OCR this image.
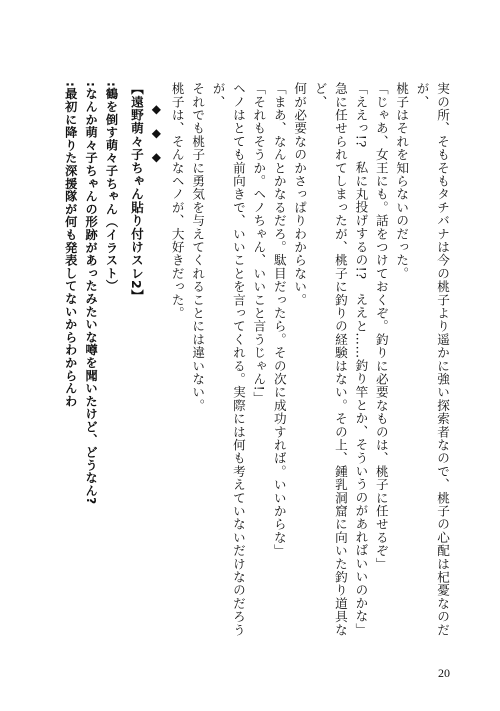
実の所、そもそもタチバナは今の桃子より遥かに強い探索者なので、桃子の心配は杞憂なのだが、

桃子はそれを知らないのだった。

「じゃあ、女王にも。話をつけておくぞ。釣りに必要なものは、桃子に任せるぞ」

「ええっ!?　私に丸投げするの!?　ええと……釣り竿とか、そういうのがあればいいのかな」

急に任せられてしまったが、桃子に釣りの経験はない。その上、鍾乳洞窟に向いた釣り道具など、

何が必要なのかさっぱりわからない。

「まあ、なんとかなるだろ。駄目だったら。その次に成功すれば。いいからな」

「それもそうか。ヘノちゃん、いいこと言うじゃん!」

ヘノはとても前向きで、いいことを言ってくれる。実際には何も考えていないだけなのだろうが、

それでも桃子に勇気を与えてくれることには違いない。

桃子は、そんなヘノが、大好きだった。

◆◆◆

【遠野萌々子ちゃん貼り付けスレ2】

:鶴を倒す萌々子ちゃん（イラスト）

:なんか萌々子ちゃんの形跡があったみたいな噂を聞いたけど、どうなん?

:最初に降りた深援隊が何も発表してないからわからんわ

20
